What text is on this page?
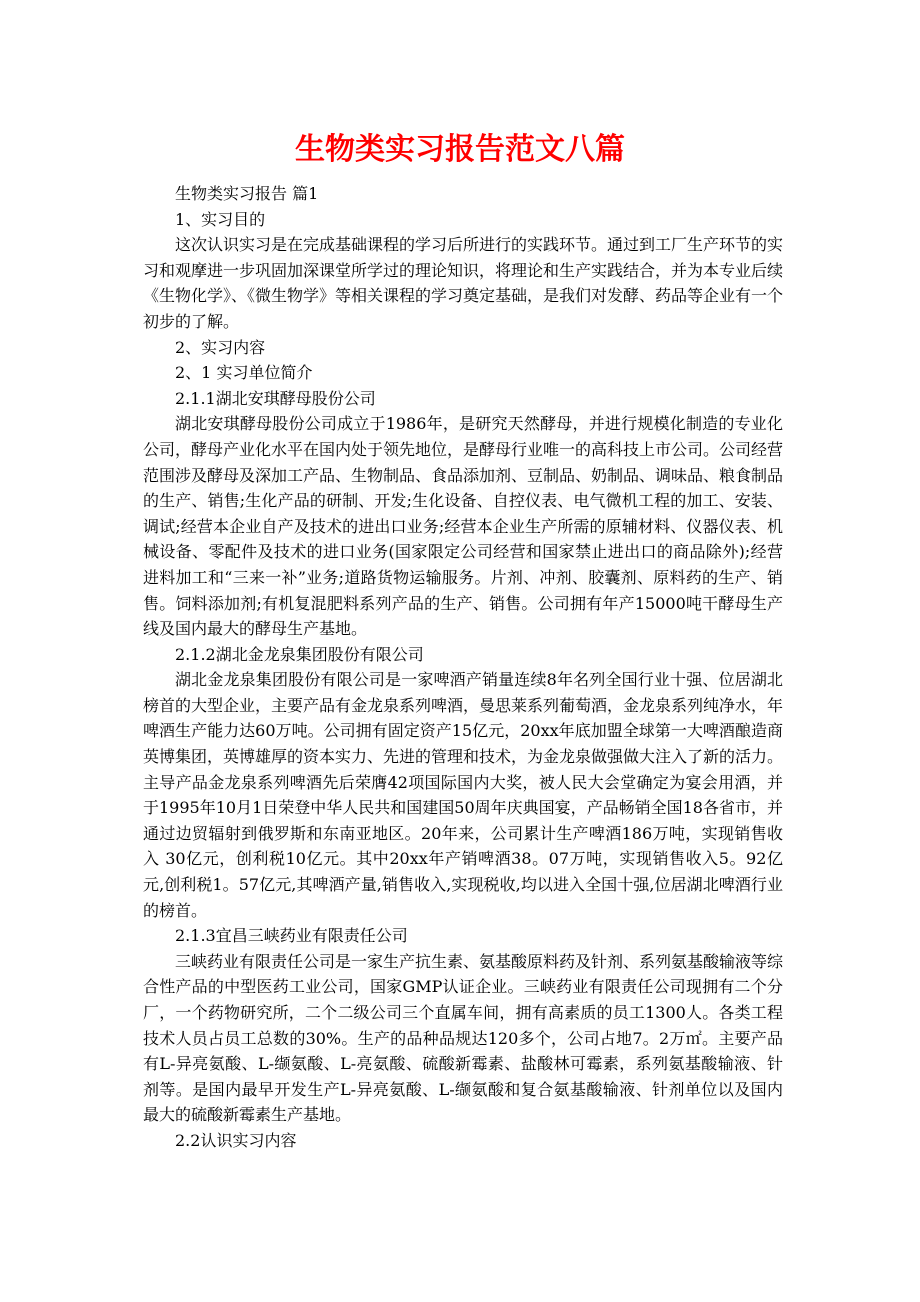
生物类实习报告范文八篇

生物类实习报告 篇1

1、实习目的

这次认识实习是在完成基础课程的学习后所进行的实践环节。通过到工厂生产环节的实习和观摩进一步巩固加深课堂所学过的理论知识，将理论和生产实践结合，并为本专业后续《生物化学》、《微生物学》等相关课程的学习奠定基础，是我们对发酵、药品等企业有一个初步的了解。

2、实习内容

2、1 实习单位简介

2.1.1湖北安琪酵母股份公司

湖北安琪酵母股份公司成立于1986年，是研究天然酵母，并进行规模化制造的专业化公司，酵母产业化水平在国内处于领先地位，是酵母行业唯一的高科技上市公司。公司经营范围涉及酵母及深加工产品、生物制品、食品添加剂、豆制品、奶制品、调味品、粮食制品的生产、销售;生化产品的研制、开发;生化设备、自控仪表、电气微机工程的加工、安装、调试;经营本企业自产及技术的进出口业务;经营本企业生产所需的原辅材料、仪器仪表、机械设备、零配件及技术的进口业务(国家限定公司经营和国家禁止进出口的商品除外);经营进料加工和“三来一补”业务;道路货物运输服务。片剂、冲剂、胶囊剂、原料药的生产、销售。饲料添加剂;有机复混肥料系列产品的生产、销售。公司拥有年产15000吨干酵母生产线及国内最大的酵母生产基地。

2.1.2湖北金龙泉集团股份有限公司

湖北金龙泉集团股份有限公司是一家啤酒产销量连续8年名列全国行业十强、位居湖北榜首的大型企业，主要产品有金龙泉系列啤酒，曼思莱系列葡萄酒，金龙泉系列纯净水，年啤酒生产能力达60万吨。公司拥有固定资产15亿元，20xx年底加盟全球第一大啤酒酿造商英博集团，英博雄厚的资本实力、先进的管理和技术，为金龙泉做强做大注入了新的活力。主导产品金龙泉系列啤酒先后荣膺42项国际国内大奖，被人民大会堂确定为宴会用酒，并于1995年10月1日荣登中华人民共和国建国50周年庆典国宴，产品畅销全国18各省市，并通过边贸辐射到俄罗斯和东南亚地区。20年来，公司累计生产啤酒186万吨，实现销售收入 30亿元，创利税10亿元。其中20xx年产销啤酒38。07万吨，实现销售收入5。92亿元,创利税1。57亿元,其啤酒产量,销售收入,实现税收,均以进入全国十强,位居湖北啤酒行业的榜首。

2.1.3宜昌三峡药业有限责任公司

三峡药业有限责任公司是一家生产抗生素、氨基酸原料药及针剂、系列氨基酸输液等综合性产品的中型医药工业公司，国家GMP认证企业。三峡药业有限责任公司现拥有二个分厂，一个药物研究所，二个二级公司三个直属车间，拥有高素质的员工1300人。各类工程技术人员占员工总数的30%。生产的品种品规达120多个，公司占地7。2万㎡。主要产品有L-异亮氨酸、L-缬氨酸、L-亮氨酸、硫酸新霉素、盐酸林可霉素，系列氨基酸输液、针剂等。是国内最早开发生产L-异亮氨酸、L-缬氨酸和复合氨基酸输液、针剂单位以及国内最大的硫酸新霉素生产基地。

2.2认识实习内容
